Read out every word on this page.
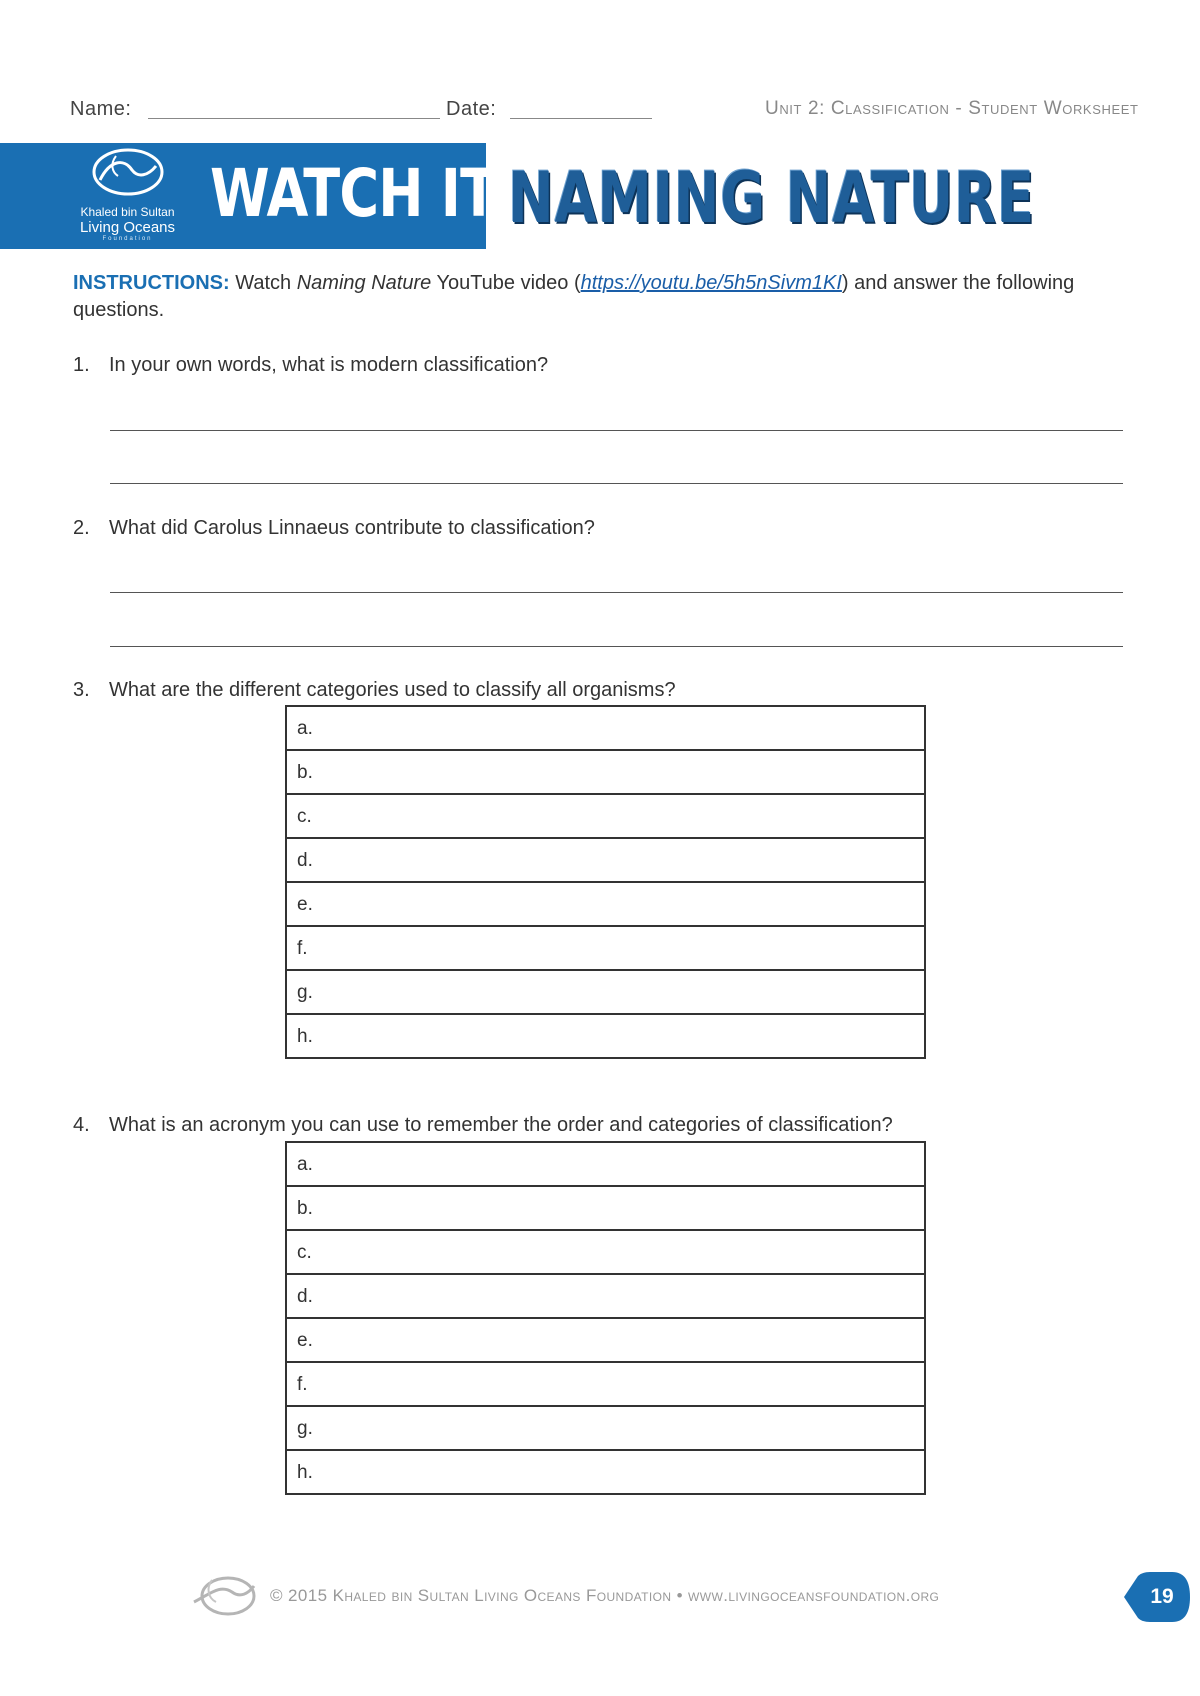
Name:	Date:	Unit 2: Classification - Student Worksheet
Khaled bin Sultan
Living Oceans
Foundation
WATCH IT!
NAMING NATURE
INSTRUCTIONS: Watch Naming Nature YouTube video (https://youtu.be/5h5nSivm1KI) and answer the following questions.
1. In your own words, what is modern classification?
2. What did Carolus Linnaeus contribute to classification?
3. What are the different categories used to classify all organisms?
a.
b.
c.
d.
e.
f.
g.
h.
4. What is an acronym you can use to remember the order and categories of classification?
a.
b.
c.
d.
e.
f.
g.
h.
© 2015 Khaled bin Sultan Living Oceans Foundation • www.livingoceansfoundation.org	19
